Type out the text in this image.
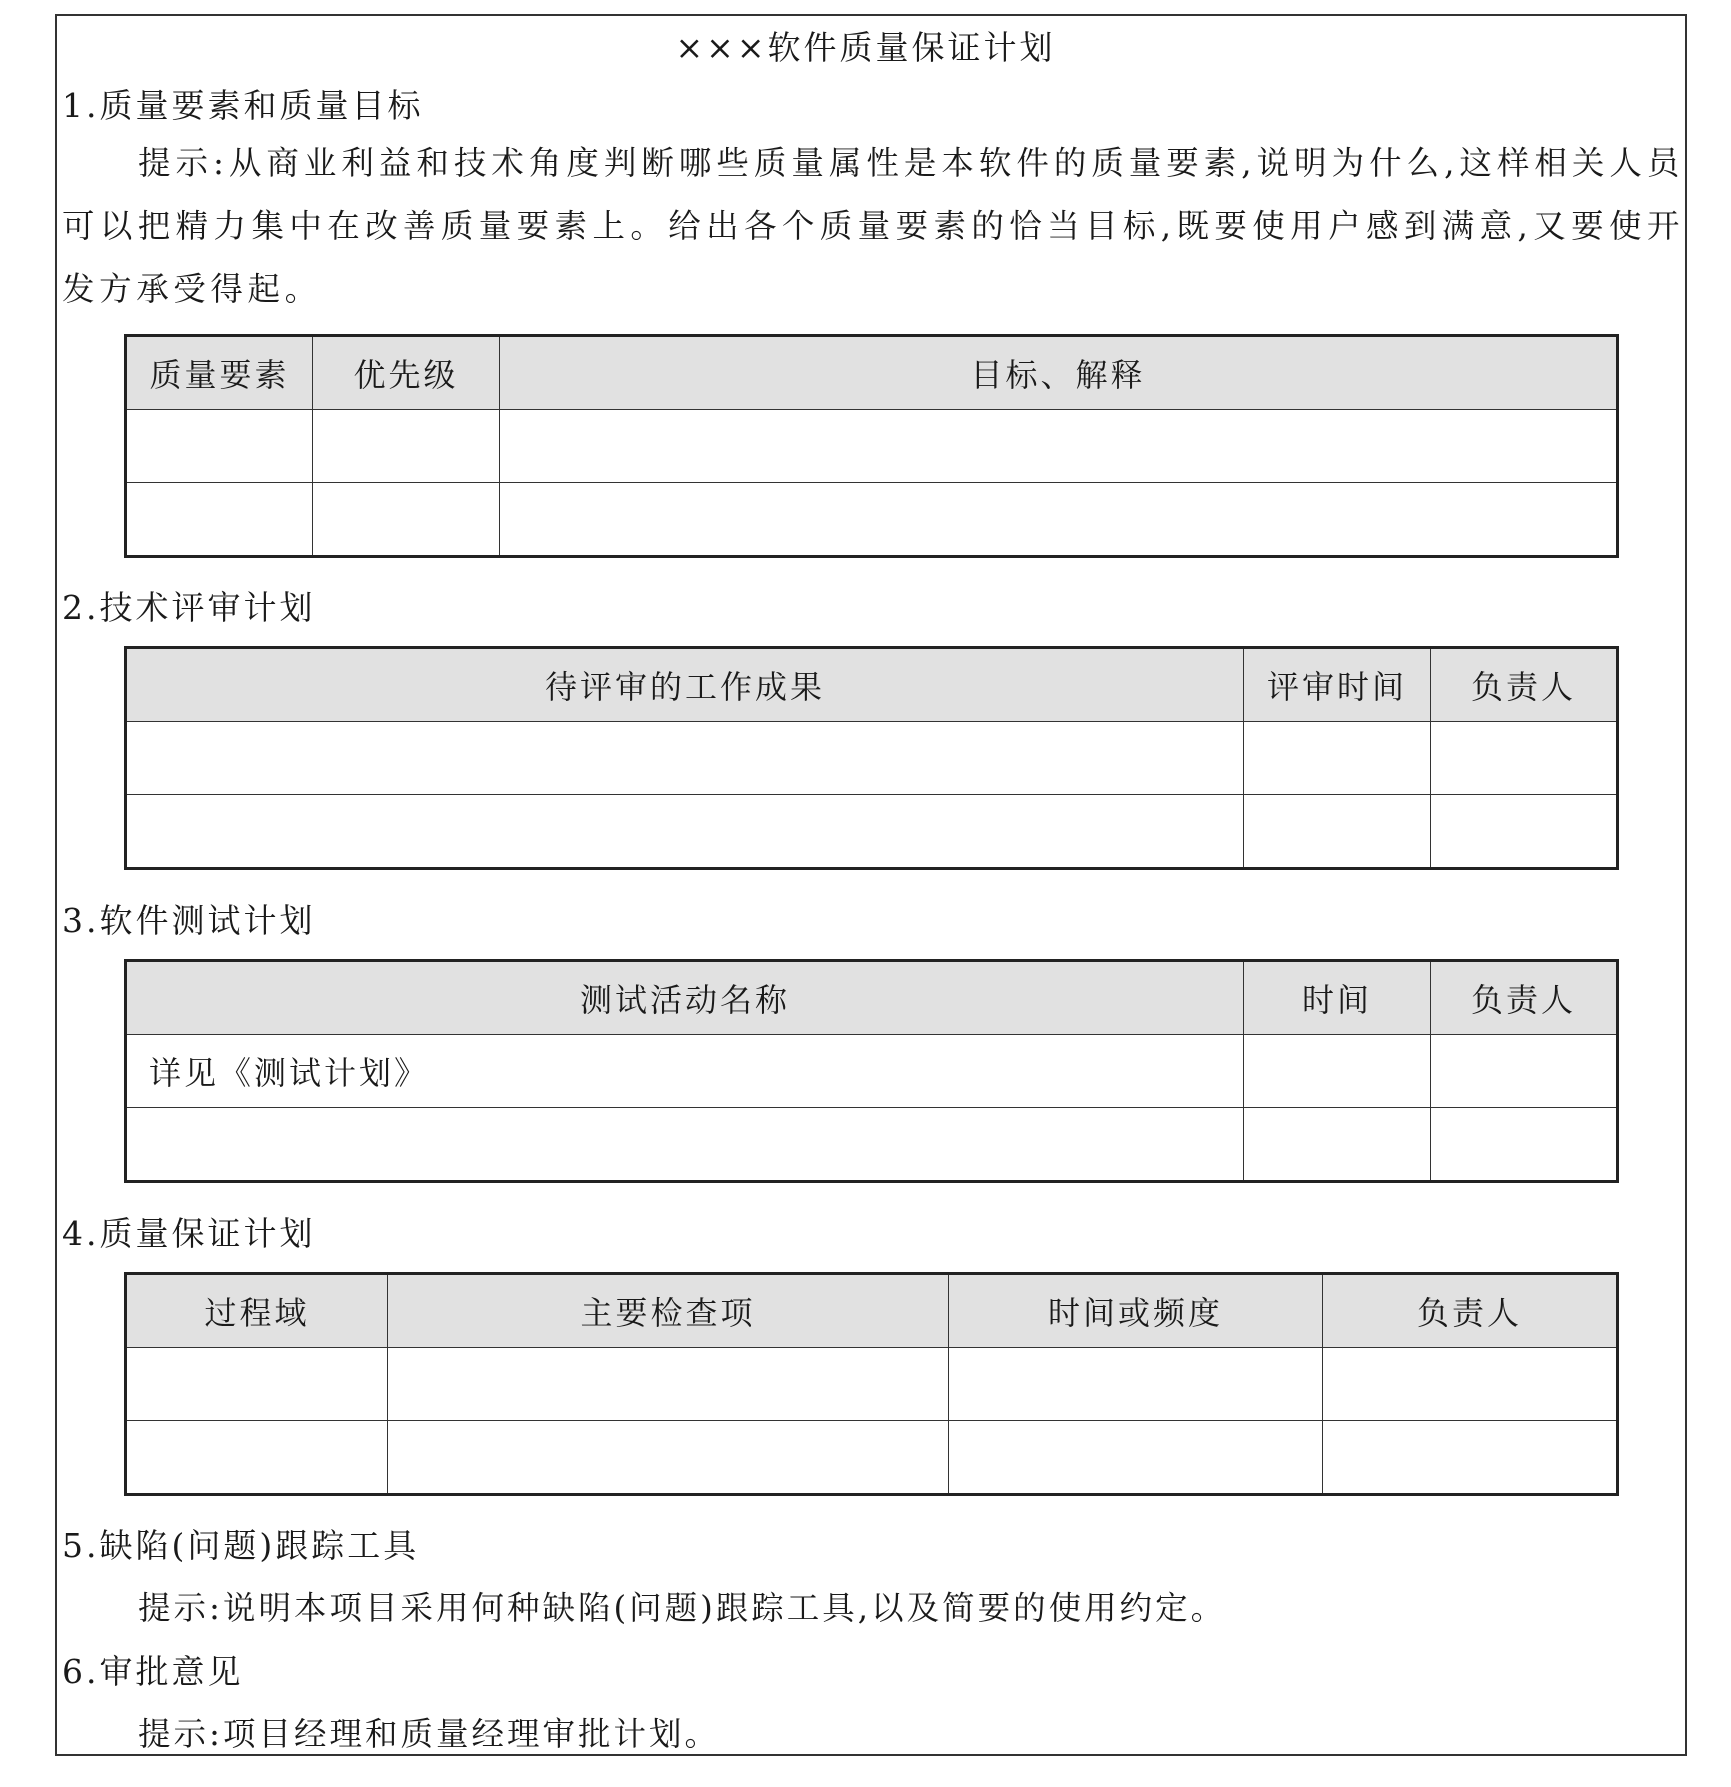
×××软件质量保证计划
1.质量要素和质量目标
提示:从商业利益和技术角度判断哪些质量属性是本软件的质量要素,说明为什么,这样相关人员可以把精力集中在改善质量要素上。给出各个质量要素的恰当目标,既要使用户感到满意,又要使开发方承受得起。
质量要素	优先级	目标、解释

2.技术评审计划
待评审的工作成果	评审时间	负责人

3.软件测试计划
测试活动名称	时间	负责人
详见《测试计划》		

4.质量保证计划
过程域	主要检查项	时间或频度	负责人

5.缺陷(问题)跟踪工具
提示:说明本项目采用何种缺陷(问题)跟踪工具,以及简要的使用约定。
6.审批意见
提示:项目经理和质量经理审批计划。
